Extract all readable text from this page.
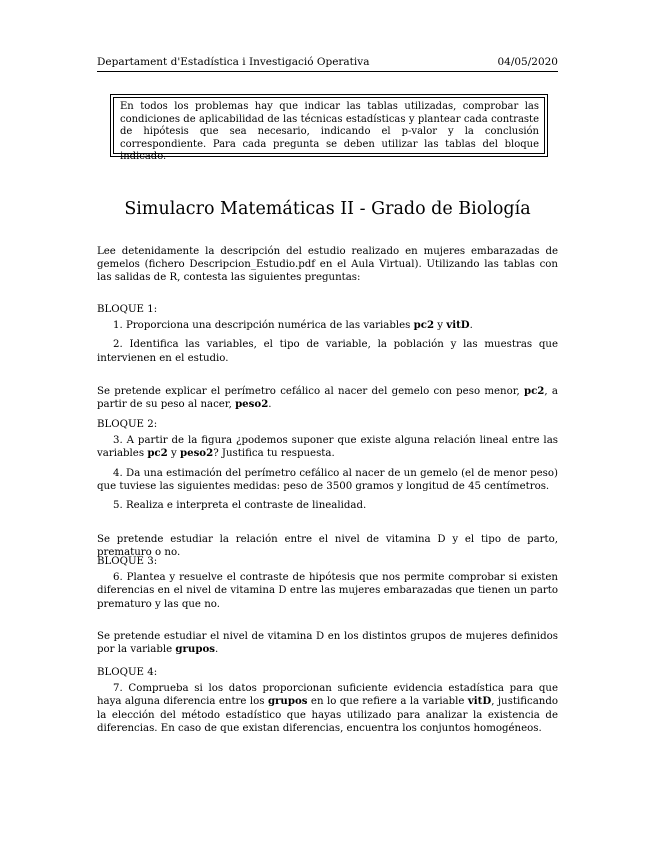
Departament d'Estadística i Investigació Operativa	04/05/2020
En todos los problemas hay que indicar las tablas utilizadas, comprobar las condiciones de aplicabilidad de las técnicas estadísticas y plantear cada contraste de hipótesis que sea necesario, indicando el p-valor y la conclusión correspondiente. Para cada pregunta se deben utilizar las tablas del bloque indicado.
Simulacro Matemáticas II - Grado de Biología

Lee detenidamente la descripción del estudio realizado en mujeres embarazadas de gemelos (fichero Descripcion_Estudio.pdf en el Aula Virtual). Utilizando las tablas con las salidas de R, contesta las siguientes preguntas:

BLOQUE 1:

1. Proporciona una descripción numérica de las variables pc2 y vitD.

2. Identifica las variables, el tipo de variable, la población y las muestras que intervienen en el estudio.

Se pretende explicar el perímetro cefálico al nacer del gemelo con peso menor, pc2, a partir de su peso al nacer, peso2.

BLOQUE 2:

3. A partir de la figura ¿podemos suponer que existe alguna relación lineal entre las variables pc2 y peso2? Justifica tu respuesta.

4. Da una estimación del perímetro cefálico al nacer de un gemelo (el de menor peso) que tuviese las siguientes medidas: peso de 3500 gramos y longitud de 45 centímetros.

5. Realiza e interpreta el contraste de linealidad.

Se pretende estudiar la relación entre el nivel de vitamina D y el tipo de parto, prematuro o no.

BLOQUE 3:

6. Plantea y resuelve el contraste de hipótesis que nos permite comprobar si existen diferencias en el nivel de vitamina D entre las mujeres embarazadas que tienen un parto prematuro y las que no.

Se pretende estudiar el nivel de vitamina D en los distintos grupos de mujeres definidos por la variable grupos.

BLOQUE 4:

7. Comprueba si los datos proporcionan suficiente evidencia estadística para que haya alguna diferencia entre los grupos en lo que refiere a la variable vitD, justificando la elección del método estadístico que hayas utilizado para analizar la existencia de diferencias. En caso de que existan diferencias, encuentra los conjuntos homogéneos.
